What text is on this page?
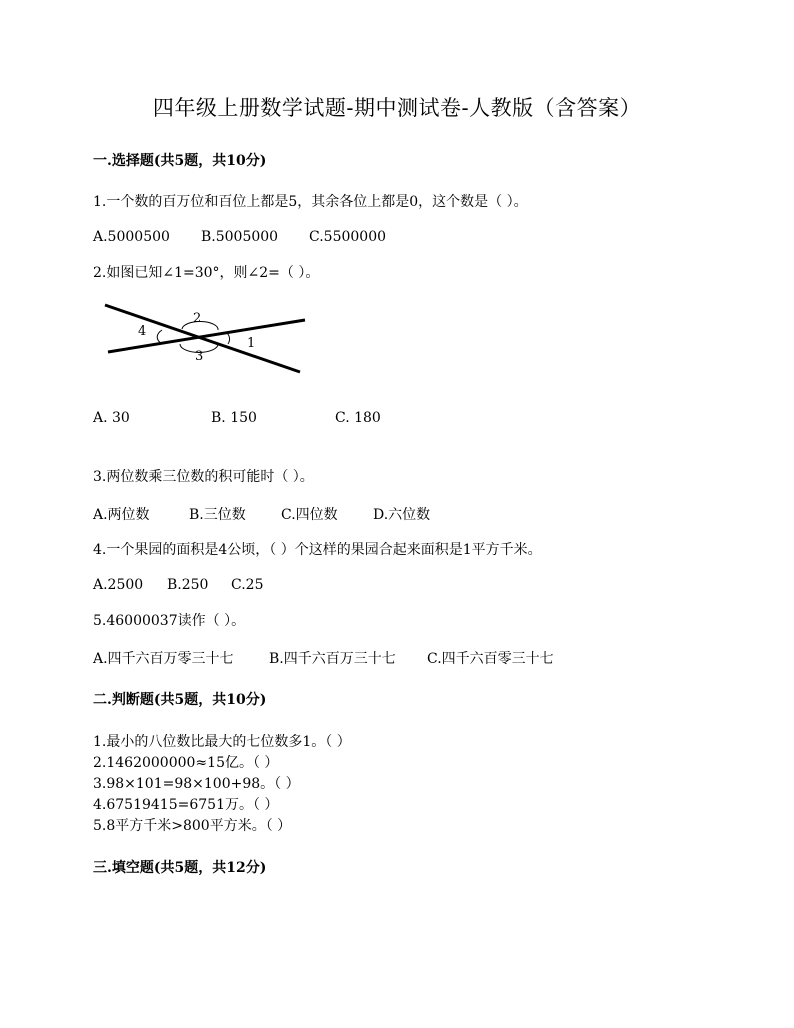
四年级上册数学试题-期中测试卷-人教版（含答案）
一.选择题(共5题，共10分)
1.一个数的百万位和百位上都是5，其余各位上都是0，这个数是（ ）。
A.5000500 B.5005000 C.5500000
2.如图已知∠1=30°，则∠2=（ ）。
1
2
3
4
A. 30	B. 150	C. 180
3.两位数乘三位数的积可能时（ ）。
A.两位数	B.三位数	C.四位数	D.六位数
4.一个果园的面积是4公顷，（ ）个这样的果园合起来面积是1平方千米。
A.2500 B.250 C.25
5.46000037读作（ ）。
A.四千六百万零三十七	B.四千六百万三十七 C.四千六百零三十七
二.判断题(共5题，共10分)
1.最小的八位数比最大的七位数多1。（ ）
2.1462000000≈15亿。（ ）
3.98×101=98×100+98。（ ）
4.67519415=6751万。（ ）
5.8平方千米>800平方米。（ ）
三.填空题(共5题，共12分)
